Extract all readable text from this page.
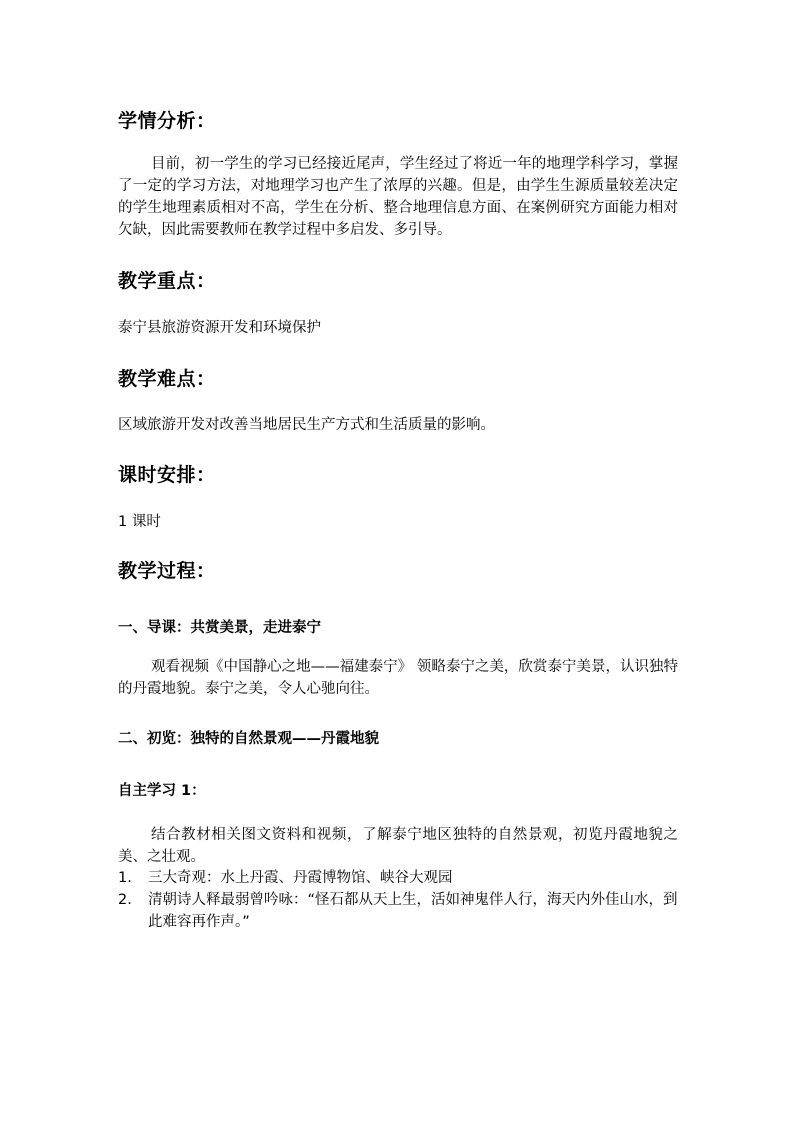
学情分析：
目前，初一学生的学习已经接近尾声，学生经过了将近一年的地理学科学习，掌握了一定的学习方法，对地理学习也产生了浓厚的兴趣。但是，由学生生源质量较差决定的学生地理素质相对不高，学生在分析、整合地理信息方面、在案例研究方面能力相对欠缺，因此需要教师在教学过程中多启发、多引导。
教学重点：
泰宁县旅游资源开发和环境保护
教学难点：
区域旅游开发对改善当地居民生产方式和生活质量的影响。
课时安排：
1 课时
教学过程：
一、导课：共赏美景，走进泰宁
观看视频《中国静心之地——福建泰宁》 领略泰宁之美，欣赏泰宁美景，认识独特的丹霞地貌。泰宁之美，令人心驰向往。
二、初览：独特的自然景观——丹霞地貌
自主学习 1：
结合教材相关图文资料和视频，了解泰宁地区独特的自然景观，初览丹霞地貌之美、之壮观。
1. 三大奇观：水上丹霞、丹霞博物馆、峡谷大观园
2. 清朝诗人释最弱曾吟咏：“怪石都从天上生，活如神鬼伴人行，海天内外佳山水，到此难容再作声。”
